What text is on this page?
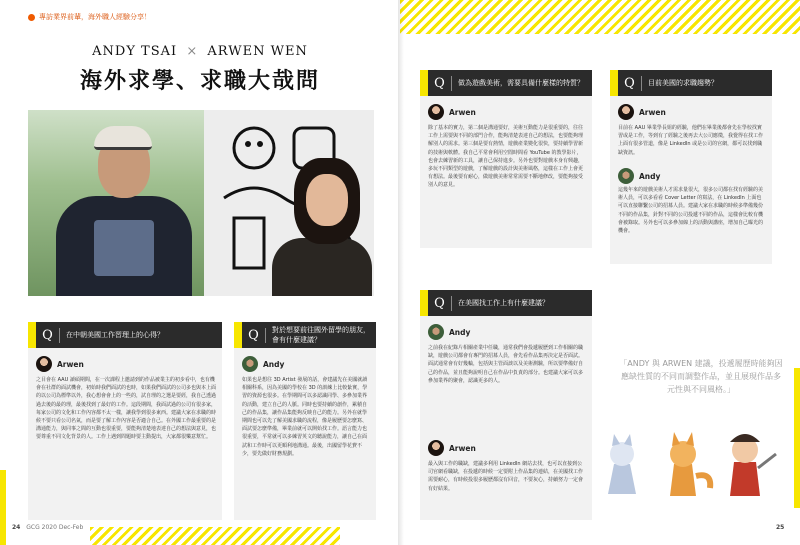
專訪業界前輩，海外職人經驗分享！
ANDY TSAI × ARWEN WEN
海外求學、求職大哉問
Q	在中朝美國工作習理上的心得？
Arwen
之目會在 AAU 讀碩期間，在一次課程上邀請到的作品被業主的初步看中，也有機會在社群的面試機會，初始時我們面試的也時，如果我們面試的公司多也與本上面的以公司為標準以外，我心想會會上的一些的，試自理的之選是要經，我自己透過過去後的最的理，最後找到了最好的工作。這段期間，我面試過的公司有很多家，每家公司的文化和工作內容都不太一樣，讓我學到很多東西。建議大家在求職的時候不要只看公司名氣，而是要了解工作內容是否適合自己。在外國工作最重要的是溝通能力，與同事之間的互動也很重要，要能夠清楚地表達自己的想法與意見，也要尊重不同文化背景的人。工作上遇到問題時要主動提出，大家都很樂意幫忙。
Q	對於想要前往國外留學的朋友，
會有什麼建議？
Andy
如果也是想往 3D Artist 發展的話，會建議先在美國就讀相關科系，因為美國的學校在 3D 的訓練上比較紮實，學習的資源也很多。在學期間可以多認識同學、多參加業界的活動，建立自己的人脈。同時也要持續的創作，累積自己的作品集，讓作品集能夠反映自己的能力。另外在就學期間也可以先了解美國求職的流程，像是履歷要怎麼寫、面試要怎麼準備，畢業前就可以開始找工作。語言能力也很重要，平常就可以多練習英文的聽說能力，讓自己在面試和工作時可以更順利地溝通。最後，出國留學花費不少，要先做好財務規劃。
Q	做為遊戲美術，需要具備什麼樣的特質？
Arwen
除了基本的實力，第二個是溝通要好，美術互動能力是很重要的，往往工作上需要與不同的部門合作，能夠清楚表達自己的想法，也要能夠理解別人的需求。第三個是要有熱情，遊戲產業變化很快，要持續學習新的技術與軟體。我自己平常會利用空閒時間看 YouTube 的教學影片，也會去練習新的工具，讓自己保持進步。另外也要對遊戲本身有興趣，多玩不同類型的遊戲，了解遊戲的設計與美術風格，這樣在工作上會更有想法。最後要有耐心，做遊戲美術常常需要不斷地修改，要能夠接受別人的意見。
Q	目前美國的求職趨勢？
Arwen
目前在 AAU 畢業學長姐的經驗，他們在畢業後都會先在學校找實習或是工作，等到有了經驗之後再去大公司應徵，我覺得在找工作上面有很多管道，像是 LinkedIn 或是公司的官網，都可以找到職缺資訊。
Andy
這幾年來的遊戲美術人才需求量很大，很多公司都在找有經驗的美術人員，可以多看看 Cover Letter 的寫法，在 LinkedIn 上面也可以直接聯繫公司的招募人員。建議大家在求職的時候多準備幾份不同的作品集，針對不同的公司投遞不同的作品，這樣會比較有機會被錄取。另外也可以多參加線上的活動與講座，增加自己曝光的機會。
Q	在美國找工作上有什麼建議？
Andy
之前我在紀錄片相關產業中任職，通常我們會投遞履歷到工作相關的職缺，遊戲公司都會有專門的招募人員，會先看作品集再決定是否面試。面試通常會有好幾輪，包括與主管面談以及美術測驗，所以要準備好自己的作品，並且能夠說明自己在作品中負責的部分。也建議大家可以多參加業界的聚會，認識更多的人。
Arwen
最入與工作的職缺，建議多利用 LinkedIn 網站去找，也可以直接到公司官網看職缺，在投遞的時候一定要附上作品集的連結，在美國找工作需要耐心，有時候投很多履歷都沒有回音，不要灰心，持續努力一定會有好結果。
「ANDY 與 ARWEN 建議，投遞履歷時能夠因應缺性質的不同而調整作品，並且展現作品多元性與不同風格。」
24 GCG 2020 Dec-Feb	25
